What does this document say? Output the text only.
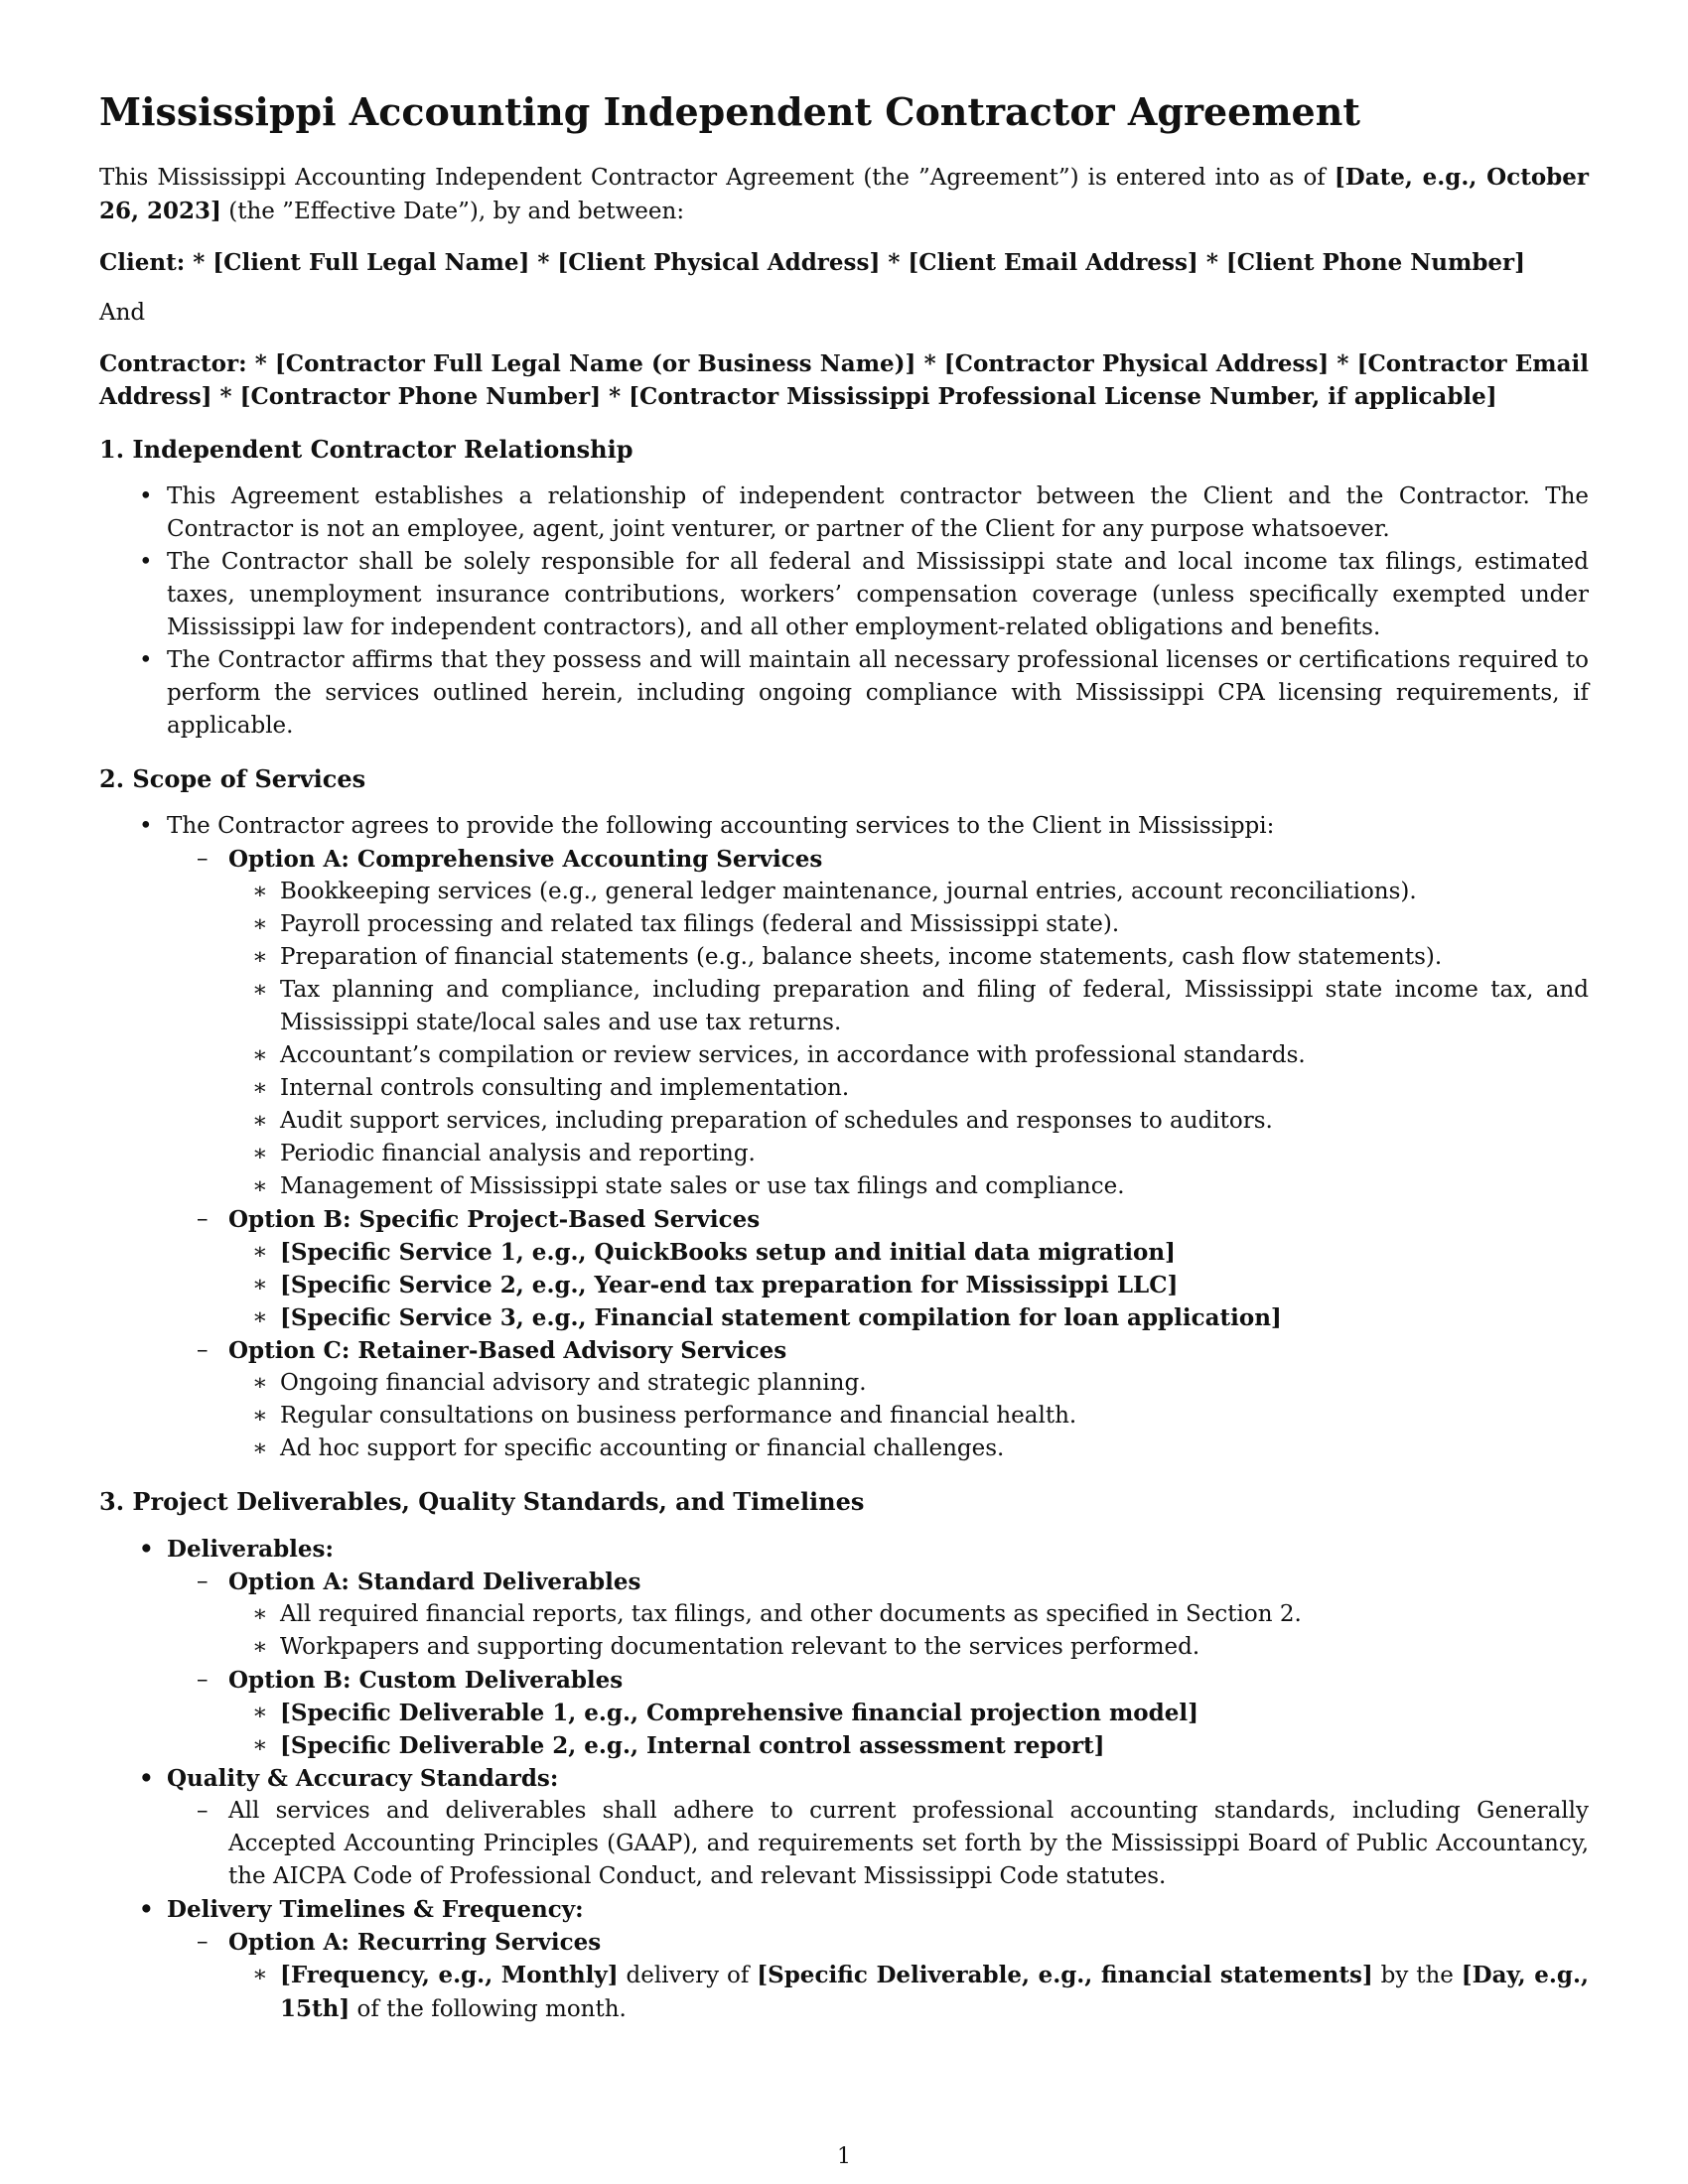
Mississippi Accounting Independent Contractor Agreement

This Mississippi Accounting Independent Contractor Agreement (the ”Agreement”) is entered into as of [Date, e.g., October 26, 2023] (the ”Effective Date”), by and between:

Client: * [Client Full Legal Name] * [Client Physical Address] * [Client Email Address] * [Client Phone Number]

And

Contractor: * [Contractor Full Legal Name (or Business Name)] * [Contractor Physical Address] * [Contractor Email Address] * [Contractor Phone Number] * [Contractor Mississippi Professional License Number, if applicable]

1. Independent Contractor Relationship
• This Agreement establishes a relationship of independent contractor between the Client and the Contractor. The Contractor is not an employee, agent, joint venturer, or partner of the Client for any purpose whatsoever.
• The Contractor shall be solely responsible for all federal and Mississippi state and local income tax filings, estimated taxes, unemployment insurance contributions, workers’ compensation coverage (unless specifically exempted under Mississippi law for independent contractors), and all other employment-related obligations and benefits.
• The Contractor affirms that they possess and will maintain all necessary professional licenses or certifications required to perform the services outlined herein, including ongoing compliance with Mississippi CPA licensing requirements, if applicable.
2. Scope of Services
• The Contractor agrees to provide the following accounting services to the Client in Mississippi:
– Option A: Comprehensive Accounting Services
∗ Bookkeeping services (e.g., general ledger maintenance, journal entries, account reconciliations).
∗ Payroll processing and related tax filings (federal and Mississippi state).
∗ Preparation of financial statements (e.g., balance sheets, income statements, cash flow statements).
∗ Tax planning and compliance, including preparation and filing of federal, Mississippi state income tax, and Mississippi state/local sales and use tax returns.
∗ Accountant’s compilation or review services, in accordance with professional standards.
∗ Internal controls consulting and implementation.
∗ Audit support services, including preparation of schedules and responses to auditors.
∗ Periodic financial analysis and reporting.
∗ Management of Mississippi state sales or use tax filings and compliance.
– Option B: Specific Project-Based Services
∗ [Specific Service 1, e.g., QuickBooks setup and initial data migration]
∗ [Specific Service 2, e.g., Year-end tax preparation for Mississippi LLC]
∗ [Specific Service 3, e.g., Financial statement compilation for loan application]
– Option C: Retainer-Based Advisory Services
∗ Ongoing financial advisory and strategic planning.
∗ Regular consultations on business performance and financial health.
∗ Ad hoc support for specific accounting or financial challenges.
3. Project Deliverables, Quality Standards, and Timelines
• Deliverables:
– Option A: Standard Deliverables
∗ All required financial reports, tax filings, and other documents as specified in Section 2.
∗ Workpapers and supporting documentation relevant to the services performed.
– Option B: Custom Deliverables
∗ [Specific Deliverable 1, e.g., Comprehensive financial projection model]
∗ [Specific Deliverable 2, e.g., Internal control assessment report]
• Quality & Accuracy Standards:
– All services and deliverables shall adhere to current professional accounting standards, including Generally Accepted Accounting Principles (GAAP), and requirements set forth by the Mississippi Board of Public Accountancy, the AICPA Code of Professional Conduct, and relevant Mississippi Code statutes.
• Delivery Timelines & Frequency:
– Option A: Recurring Services
∗ [Frequency, e.g., Monthly] delivery of [Specific Deliverable, e.g., financial statements] by the [Day, e.g., 15th] of the following month.
1
